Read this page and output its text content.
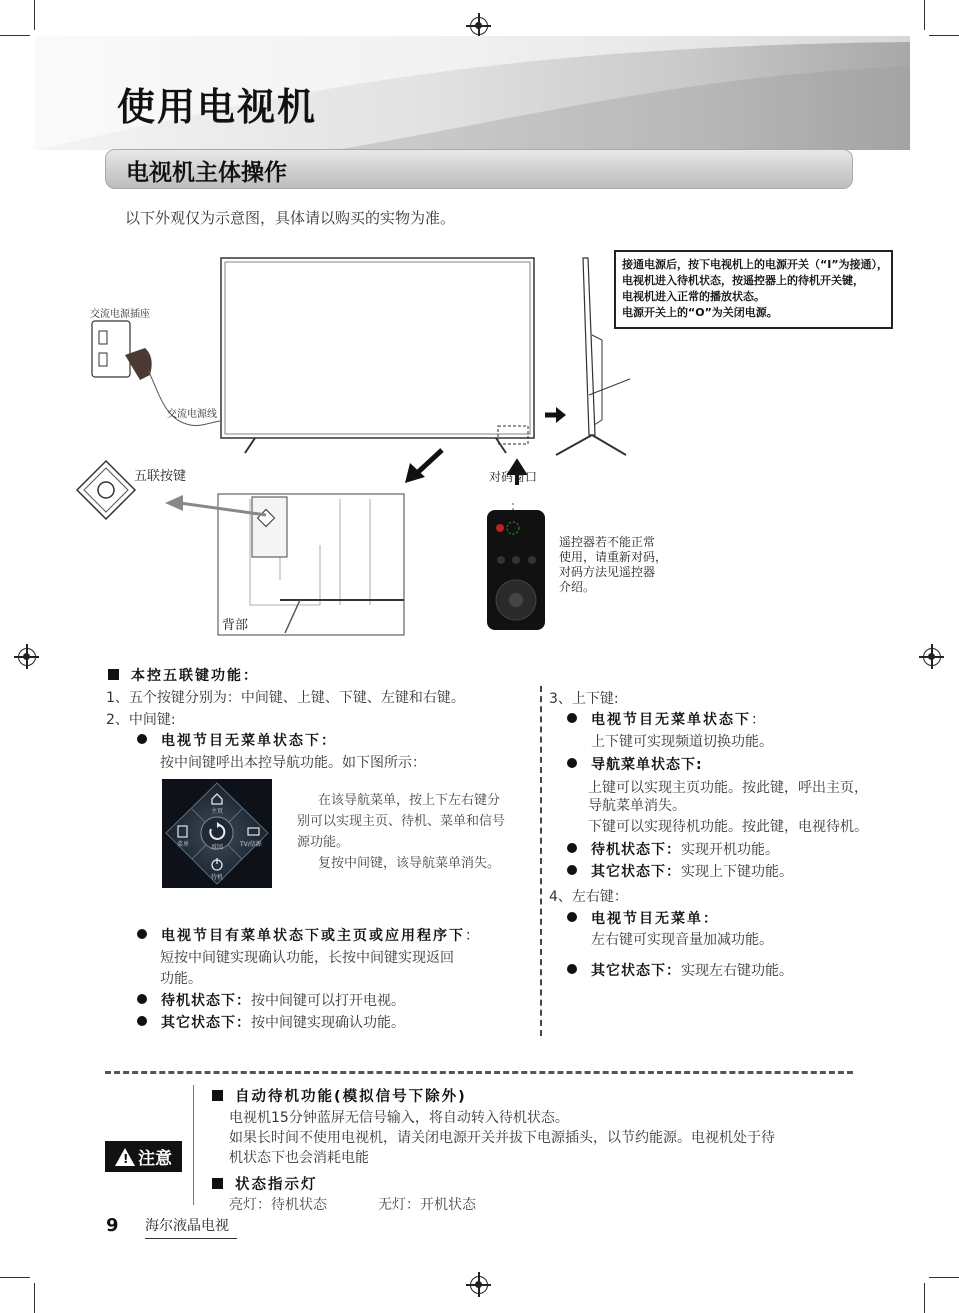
使用电视机
电视机主体操作
以下外观仅为示意图，具体请以购买的实物为准。
交流电源插座
交流电源线
五联按键	对码窗口
背部
接通电源后，按下电视机上的电源开关（“I”为接通），
电视机进入待机状态，按遥控器上的待机开关键，
电视机进入正常的播放状态。
电源开关上的“O”为关闭电源。
遥控器若不能正常
使用，请重新对码，
对码方法见遥控器
介绍。
本控五联键功能：
1、五个按键分别为：中间键、上键、下键、左键和右键。
2、中间键:
电视节目无菜单状态下：
按中间键呼出本控导航功能。如下图所示：
主页
菜单	返回	TV/信源
待机
在该导航菜单，按上下左右键分
别可以实现主页、待机、菜单和信号
源功能。
复按中间键，该导航菜单消失。
电视节目有菜单状态下或主页或应用程序下：
短按中间键实现确认功能，长按中间键实现返回
功能。
待机状态下：按中间键可以打开电视。
其它状态下：按中间键实现确认功能。
3、上下键:
电视节目无菜单状态下：
上下键可实现频道切换功能。
导航菜单状态下:
上键可以实现主页功能。按此键，呼出主页，
导航菜单消失。
下键可以实现待机功能。按此键，电视待机。
待机状态下：实现开机功能。
其它状态下：实现上下键功能。
4、左右键：
电视节目无菜单：
左右键可实现音量加减功能。
其它状态下：实现左右键功能。
! 注意
自动待机功能(模拟信号下除外)
电视机15分钟蓝屏无信号输入，将自动转入待机状态。
如果长时间不使用电视机，请关闭电源开关并拔下电源插头，以节约能源。电视机处于待
机状态下也会消耗电能
状态指示灯
亮灯：待机状态	无灯：开机状态
9 海尔液晶电视
